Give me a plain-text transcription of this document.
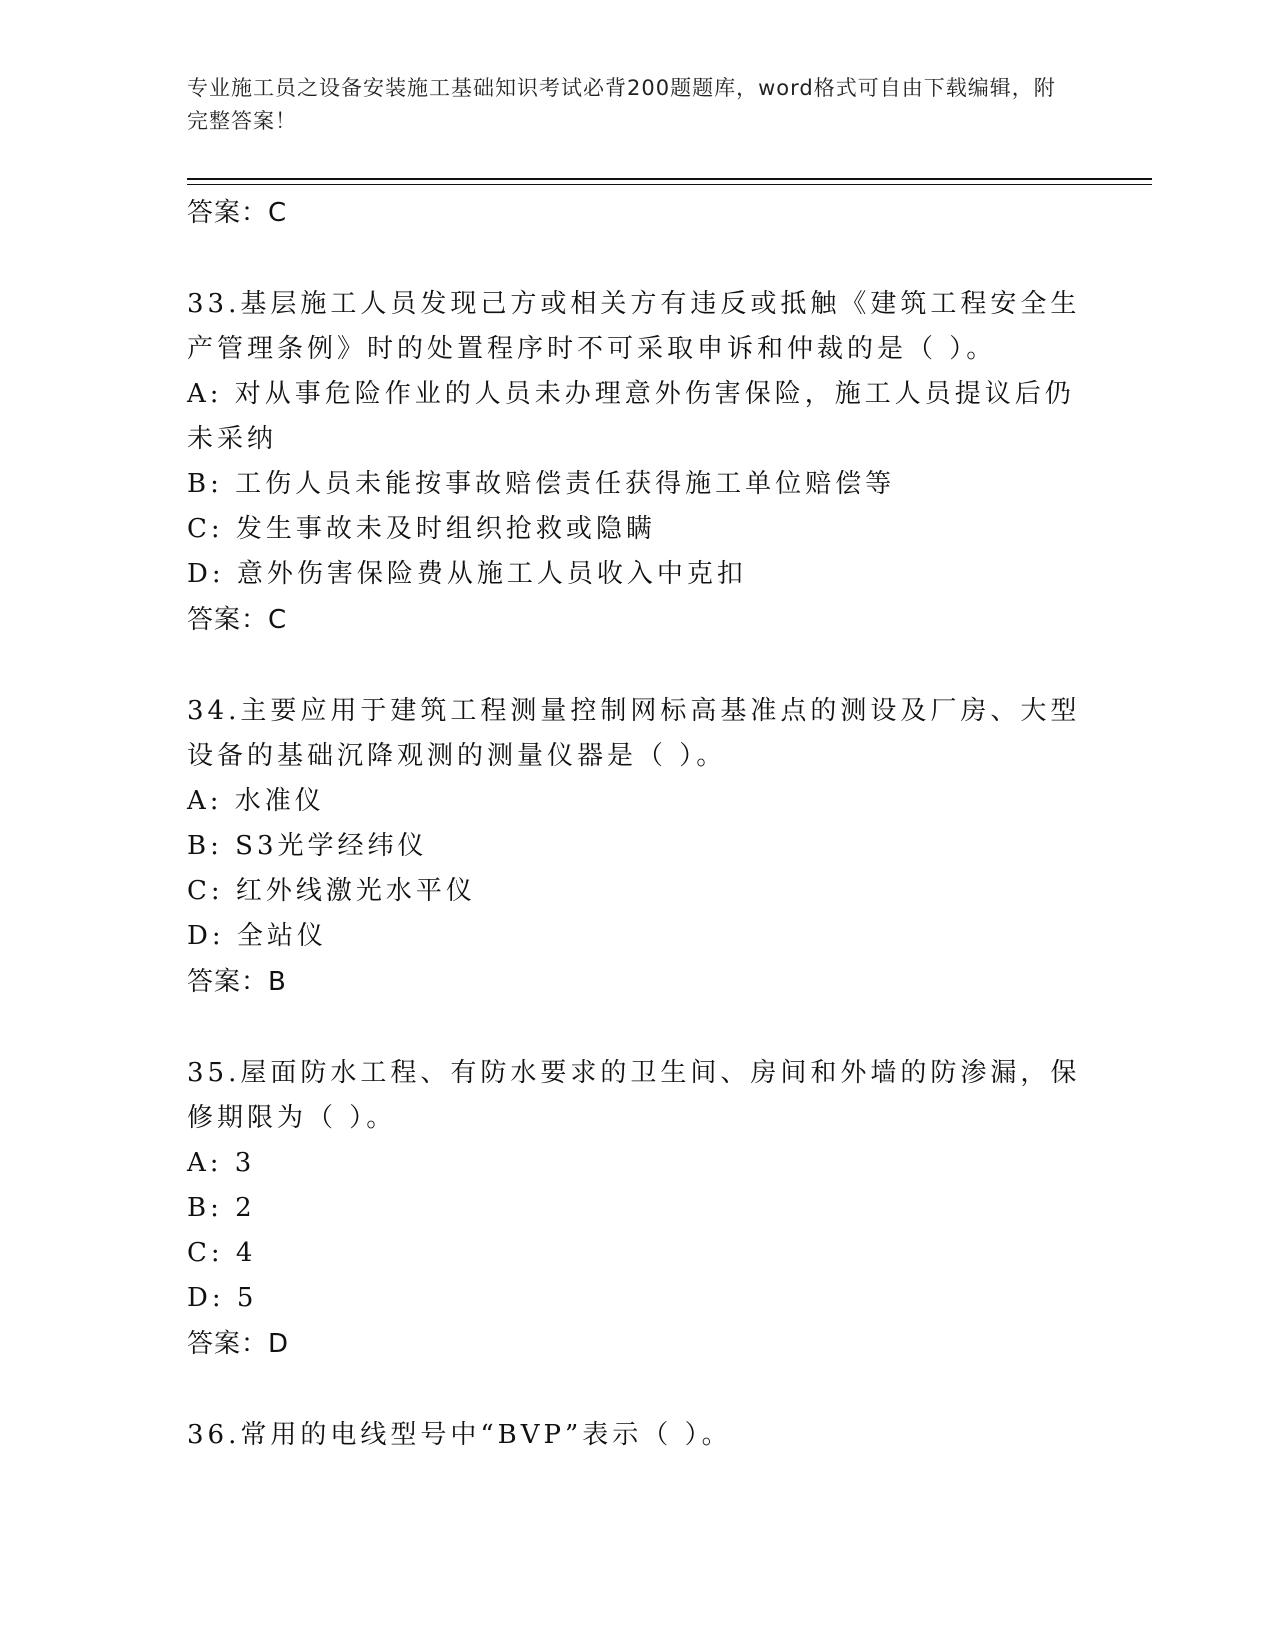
专业施工员之设备安装施工基础知识考试必背200题题库，word格式可自由下载编辑，附完整答案！
答案：C
33.基层施工人员发现己方或相关方有违反或抵触《建筑工程安全生产管理条例》时的处置程序时不可采取申诉和仲裁的是（ ）。
A: 对从事危险作业的人员未办理意外伤害保险，施工人员提议后仍未采纳
B: 工伤人员未能按事故赔偿责任获得施工单位赔偿等
C: 发生事故未及时组织抢救或隐瞒
D: 意外伤害保险费从施工人员收入中克扣
答案：C
34.主要应用于建筑工程测量控制网标高基准点的测设及厂房、大型设备的基础沉降观测的测量仪器是（ ）。
A: 水准仪
B: S3光学经纬仪
C: 红外线激光水平仪
D: 全站仪
答案：B
35.屋面防水工程、有防水要求的卫生间、房间和外墙的防渗漏，保修期限为（ ）。
A: 3
B: 2
C: 4
D: 5
答案：D
36.常用的电线型号中“BVP”表示（ ）。
